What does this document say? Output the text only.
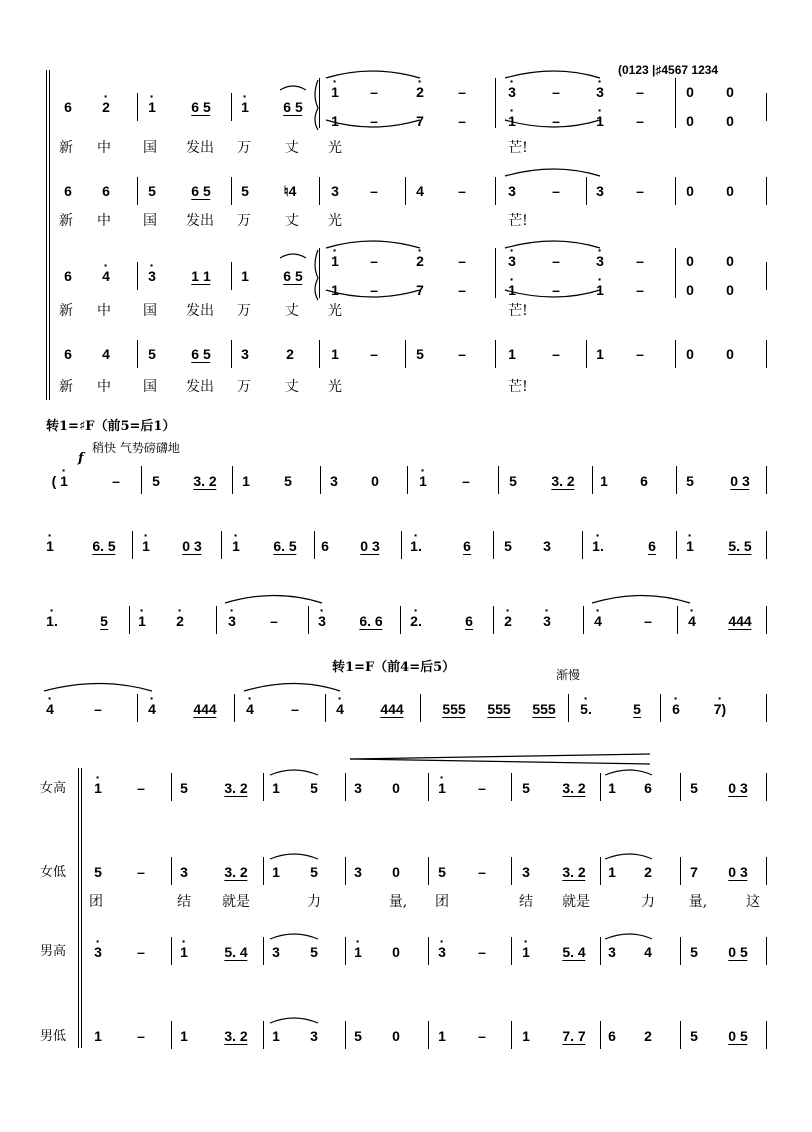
(0123 |♯4567 1234
6 · 2	· 1	6 5 · 1 6 5
· 1 –	· 2 –
1 –	7 –
· 3	–	· 3 –
· 1	–	· 1 –
0 0
0 0
新 中 国 发出 万 丈 光	芒!
6 6	5	6 5 5 ♮4 3 –	4 –	3	–	3 –	0 0
新 中 国 发出 万 丈 光	芒!
6 · 4	· 3	1 1 1 6 5
· 1 –	· 2 –
1 –	7 –
· 3	–	· 3 –
· 1	–	· 1 –
0 0
0 0
新 中 国 发出 万 丈 光	芒!
6 4	5	6 5 3	2	1 –	5 –	1	–	1 –	0 0
新 中 国 发出 万 丈 光	芒!
转1=♯F（前5=后1）
稍快 气势磅礴地
f
( · 1	– 5 3. 2 1 5	3 0	· 1	–	5 3. 2 1 6	5	0 3
· 1	6. 5 · 1 0 3 · 1 6. 5 6 0 3 · 1.	6 5 3	· 1.	6 · 1 5. 5
· 1.	5 · 1 · 2	· 3 –	· 3 6. 6 · 2.	6 · 2 · 3	· 4	–	· 4 444
转1=F（前4=后5）	渐慢
· 4	–	· 4	444 · 4	–	· 4	444	555 555 555 · 5.	5 · 6 · 7)
女高 · 1	–	5	3. 2 1 5	3 0	· 1 –	5 3. 2 1 6	5 0 3
女低 5	–	3	3. 2 1 5	3 0	5 –	3 3. 2 1 2	7 0 3
团	结 就是	力	量, 团	结 就是	力 量,	这
男高 · 3	–	· 1	5. 4 3 5	· 1 0	· 3 –	· 1 5. 4 3 4	5 0 5
男低 1	–	1	3. 2 1 3	5 0	1 –	1 7. 7 6 2	5 0 5
